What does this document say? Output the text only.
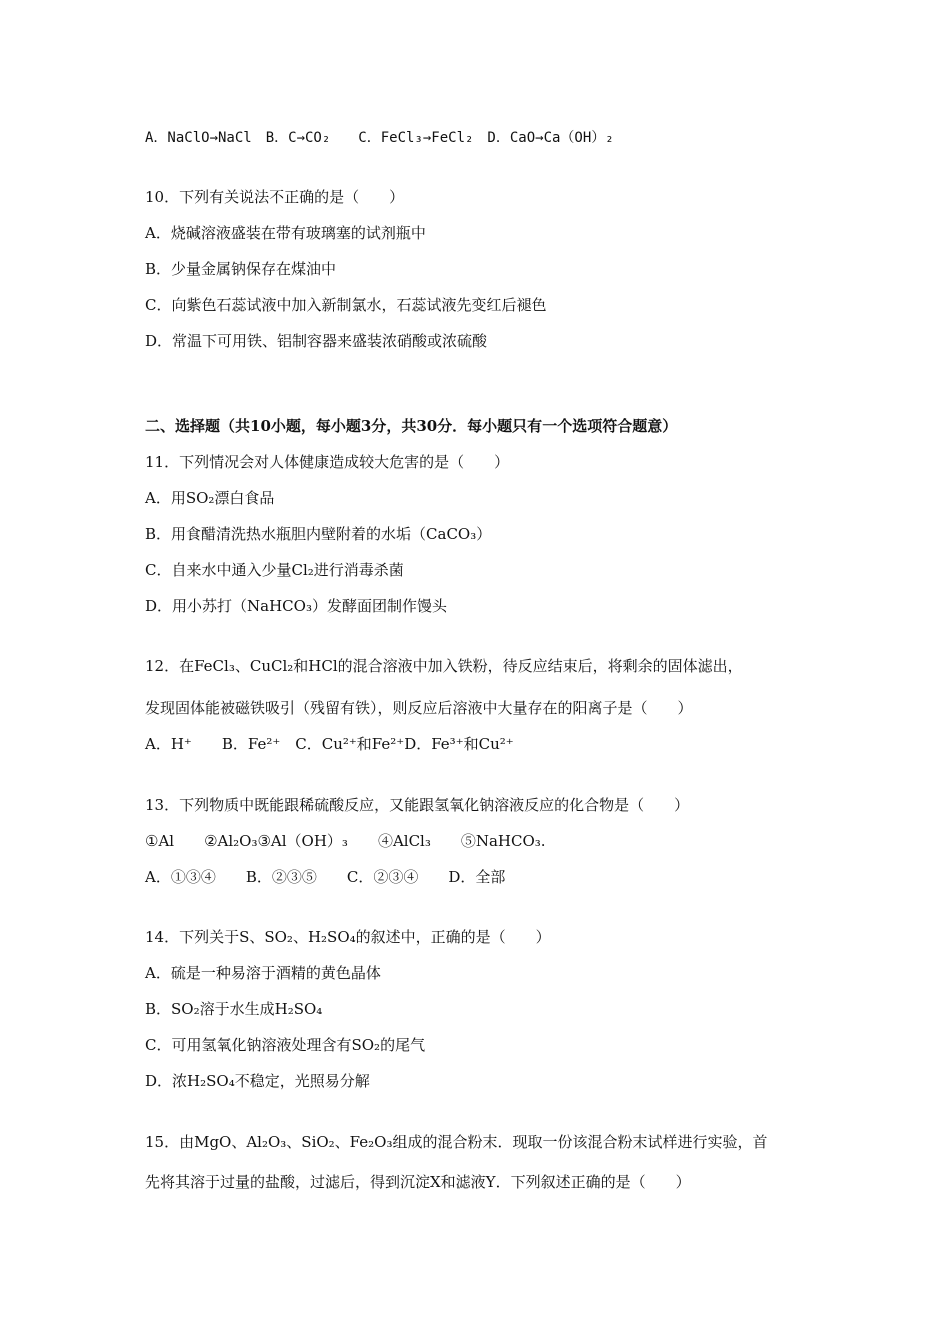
A．NaClO→NaCl　B．C→CO₂　　C．FeCl₃→FeCl₂　D．CaO→Ca（OH）₂
10．下列有关说法不正确的是（　　）
A．烧碱溶液盛装在带有玻璃塞的试剂瓶中
B．少量金属钠保存在煤油中
C．向紫色石蕊试液中加入新制氯水，石蕊试液先变红后褪色
D．常温下可用铁、铝制容器来盛装浓硝酸或浓硫酸
二、选择题（共10小题，每小题3分，共30分．每小题只有一个选项符合题意）
11．下列情况会对人体健康造成较大危害的是（　　）
A．用SO₂漂白食品
B．用食醋清洗热水瓶胆内壁附着的水垢（CaCO₃）
C．自来水中通入少量Cl₂进行消毒杀菌
D．用小苏打（NaHCO₃）发酵面团制作馒头
12．在FeCl₃、CuCl₂和HCl的混合溶液中加入铁粉，待反应结束后，将剩余的固体滤出，
发现固体能被磁铁吸引（残留有铁），则反应后溶液中大量存在的阳离子是（　　）
A．H⁺　　B．Fe²⁺　C．Cu²⁺和Fe²⁺D．Fe³⁺和Cu²⁺
13．下列物质中既能跟稀硫酸反应，又能跟氢氧化钠溶液反应的化合物是（　　）
①Al　　②Al₂O₃③Al（OH）₃　　④AlCl₃　　⑤NaHCO₃.
A．①③④　　B．②③⑤　　C．②③④　　D．全部
14．下列关于S、SO₂、H₂SO₄的叙述中，正确的是（　　）
A．硫是一种易溶于酒精的黄色晶体
B．SO₂溶于水生成H₂SO₄
C．可用氢氧化钠溶液处理含有SO₂的尾气
D．浓H₂SO₄不稳定，光照易分解
15．由MgO、Al₂O₃、SiO₂、Fe₂O₃组成的混合粉末．现取一份该混合粉末试样进行实验，首
先将其溶于过量的盐酸，过滤后，得到沉淀X和滤液Y．下列叙述正确的是（　　）
